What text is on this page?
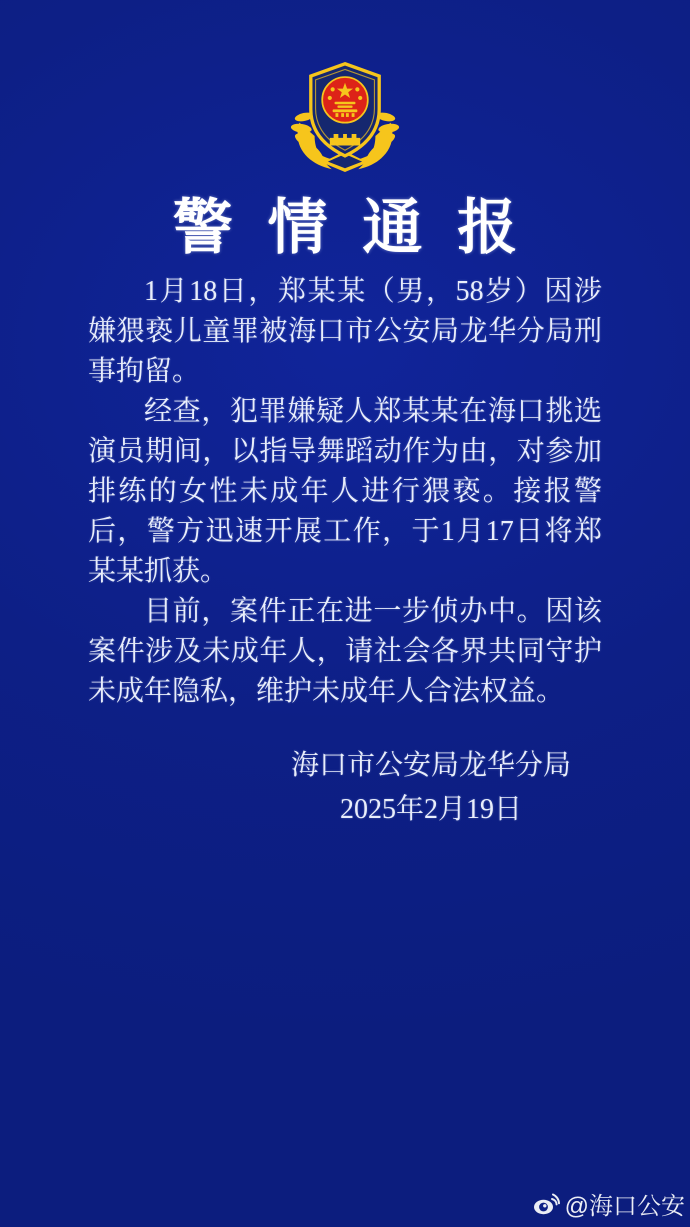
警情通报

1月18日，郑某某（男，58岁）因涉嫌猥亵儿童罪被海口市公安局龙华分局刑事拘留。

经查，犯罪嫌疑人郑某某在海口挑选演员期间，以指导舞蹈动作为由，对参加排练的女性未成年人进行猥亵。接报警后，警方迅速开展工作，于1月17日将郑某某抓获。

目前，案件正在进一步侦办中。因该案件涉及未成年人，请社会各界共同守护未成年隐私，维护未成年人合法权益。

海口市公安局龙华分局
2025年2月19日
@海口公安
